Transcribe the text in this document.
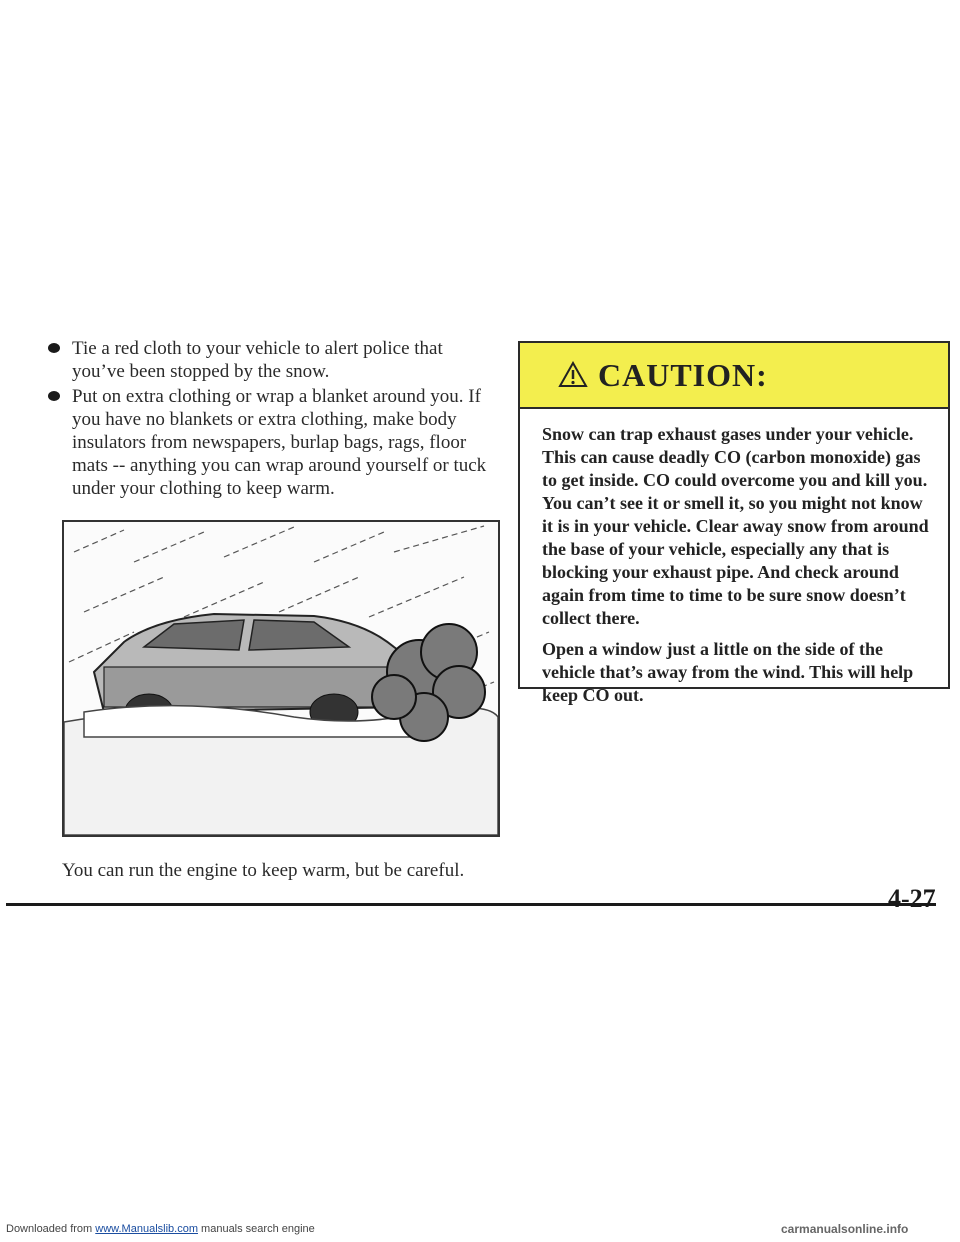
Tie a red cloth to your vehicle to alert police that you’ve been stopped by the snow.
Put on extra clothing or wrap a blanket around you. If you have no blankets or extra clothing, make body insulators from newspapers, burlap bags, rags, floor mats -- anything you can wrap around yourself or tuck under your clothing to keep warm.
You can run the engine to keep warm, but be careful.
CAUTION:

Snow can trap exhaust gases under your vehicle. This can cause deadly CO (carbon monoxide) gas to get inside. CO could overcome you and kill you. You can’t see it or smell it, so you might not know it is in your vehicle. Clear away snow from around the base of your vehicle, especially any that is blocking your exhaust pipe. And check around again from time to time to be sure snow doesn’t collect there.

Open a window just a little on the side of the vehicle that’s away from the wind. This will help keep CO out.

4-27
Downloaded from www.Manualslib.com manuals search engine	carmanualsonline.info
